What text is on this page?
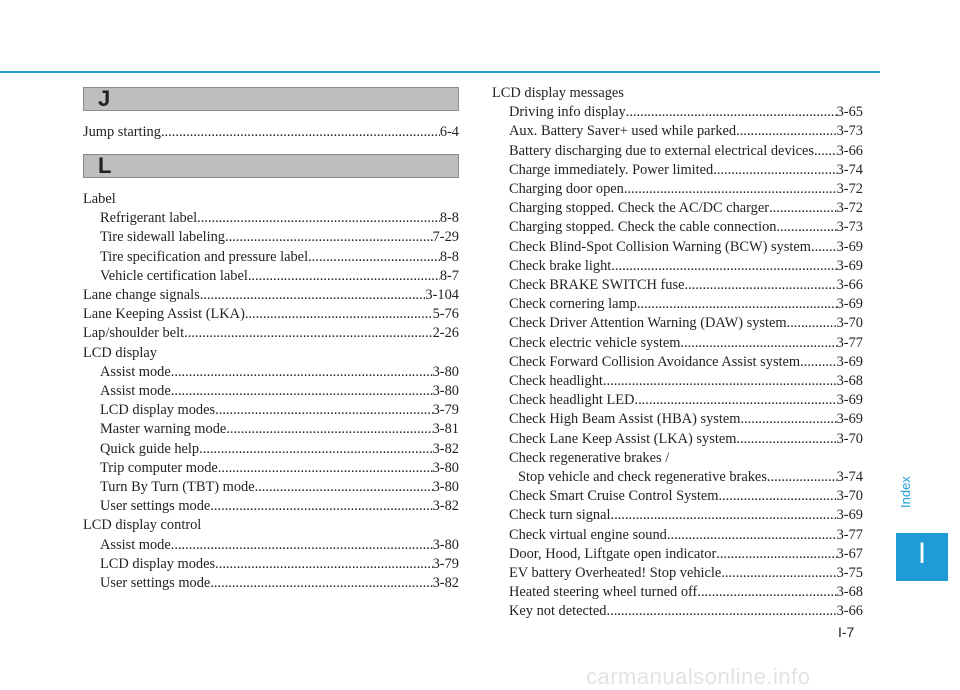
J
Jump starting .....	6-4
L
Label
Refrigerant label .....	8-8
Tire sidewall labeling .....	7-29
Tire specification and pressure label .....	8-8
Vehicle certification label .....	8-7
Lane change signals .....	3-104
Lane Keeping Assist (LKA) .....	5-76
Lap/shoulder belt .....	2-26
LCD display
Assist mode .....	3-80
Assist mode .....	3-80
LCD display modes .....	3-79
Master warning mode .....	3-81
Quick guide help .....	3-82
Trip computer mode .....	3-80
Turn By Turn (TBT) mode .....	3-80
User settings mode .....	3-82
LCD display control
Assist mode .....	3-80
LCD display modes .....	3-79
User settings mode .....	3-82
LCD display messages
Driving info display .....	3-65
Aux. Battery Saver+ used while parked .....	3-73
Battery discharging due to external electrical devices ..... 3-66
Charge immediately. Power limited .....	3-74
Charging door open .....	3-72
Charging stopped. Check the AC/DC charger .....	3-72
Charging stopped. Check the cable connection .....	3-73
Check Blind-Spot Collision Warning (BCW) system ..... 3-69
Check brake light .....	3-69
Check BRAKE SWITCH fuse .....	3-66
Check cornering lamp .....	3-69
Check Driver Attention Warning (DAW) system .....	3-70
Check electric vehicle system .....	3-77
Check Forward Collision Avoidance Assist system .....	3-69
Check headlight .....	3-68
Check headlight LED .....	3-69
Check High Beam Assist (HBA) system .....	3-69
Check Lane Keep Assist (LKA) system .....	3-70
Check regenerative brakes /
Stop vehicle and check regenerative brakes .....	3-74
Check Smart Cruise Control System .....	3-70
Check turn signal .....	3-69
Check virtual engine sound .....	3-77
Door, Hood, Liftgate open indicator .....	3-67
EV battery Overheated! Stop vehicle .....	3-75
Heated steering wheel turned off .....	3-68
Key not detected .....	3-66
Index
I
I-7
carmanualsonline.info
